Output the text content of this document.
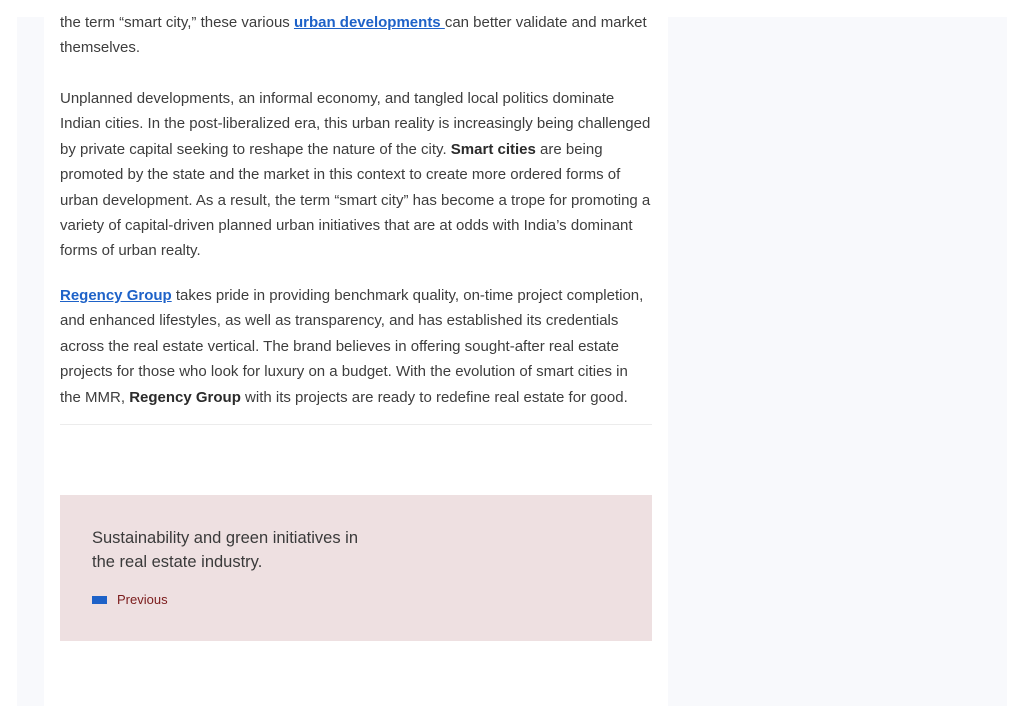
the term “smart city,” these various urban developments can better validate and market themselves.

Unplanned developments, an informal economy, and tangled local politics dominate Indian cities. In the post-liberalized era, this urban reality is increasingly being challenged by private capital seeking to reshape the nature of the city. Smart cities are being promoted by the state and the market in this context to create more ordered forms of urban development. As a result, the term “smart city” has become a trope for promoting a variety of capital-driven planned urban initiatives that are at odds with India’s dominant forms of urban realty.

Regency Group takes pride in providing benchmark quality, on-time project completion, and enhanced lifestyles, as well as transparency, and has established its credentials across the real estate vertical. The brand believes in offering sought-after real estate projects for those who look for luxury on a budget. With the evolution of smart cities in the MMR, Regency Group with its projects are ready to redefine real estate for good.

Sustainability and green initiatives in the real estate industry.
Previous
